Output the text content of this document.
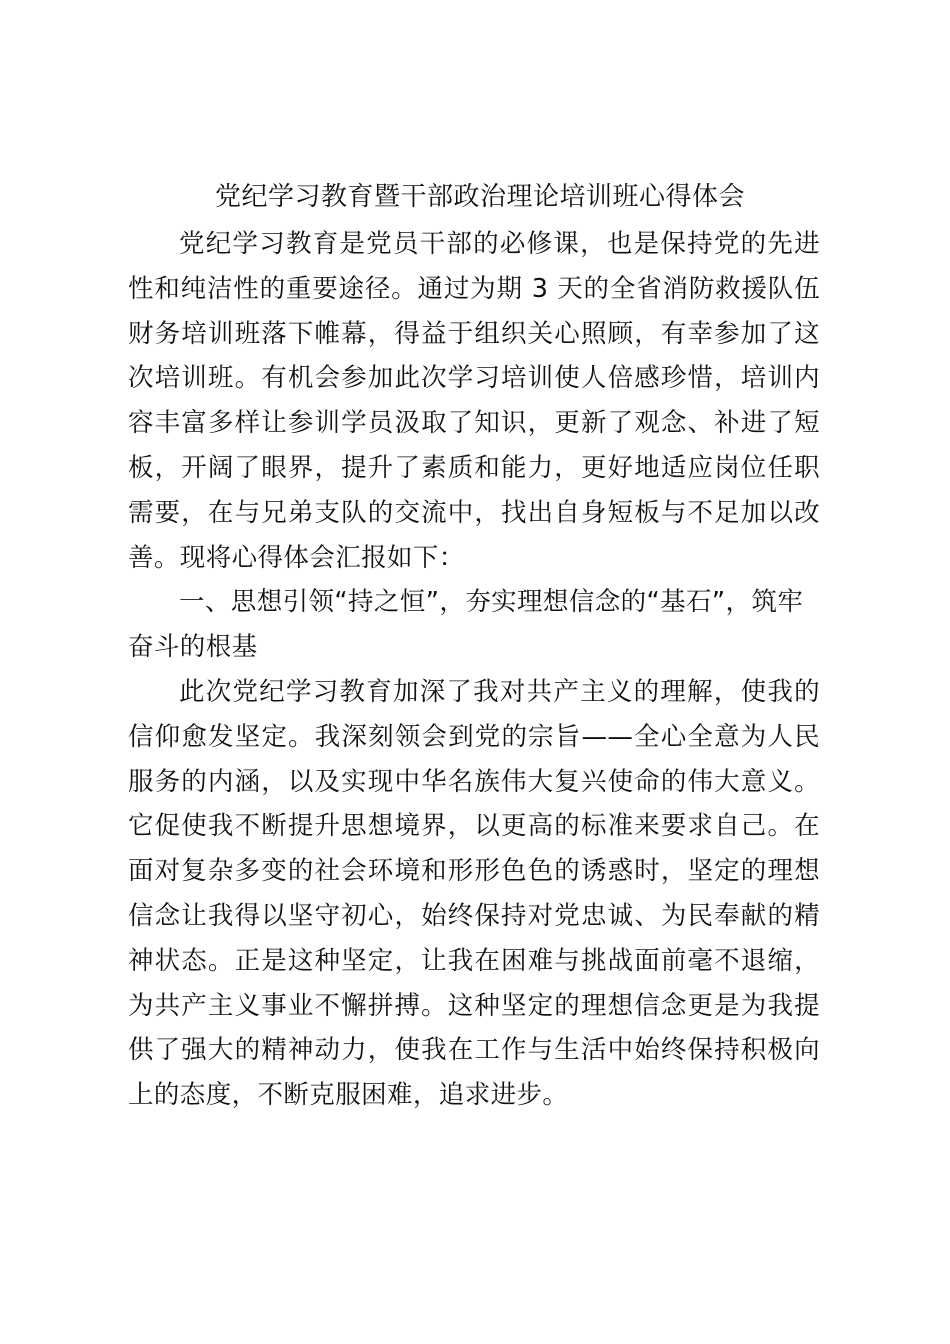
党纪学习教育暨干部政治理论培训班心得体会

党纪学习教育是党员干部的必修课，也是保持党的先进性和纯洁性的重要途径。通过为期 3 天的全省消防救援队伍财务培训班落下帷幕，得益于组织关心照顾，有幸参加了这次培训班。有机会参加此次学习培训使人倍感珍惜，培训内容丰富多样让参训学员汲取了知识，更新了观念、补进了短板，开阔了眼界，提升了素质和能力，更好地适应岗位任职需要，在与兄弟支队的交流中，找出自身短板与不足加以改善。现将心得体会汇报如下：

一、思想引领“持之恒”，夯实理想信念的“基石”，筑牢奋斗的根基

此次党纪学习教育加深了我对共产主义的理解，使我的信仰愈发坚定。我深刻领会到党的宗旨——全心全意为人民服务的内涵，以及实现中华名族伟大复兴使命的伟大意义。它促使我不断提升思想境界，以更高的标准来要求自己。在面对复杂多变的社会环境和形形色色的诱惑时，坚定的理想信念让我得以坚守初心，始终保持对党忠诚、为民奉献的精神状态。正是这种坚定，让我在困难与挑战面前毫不退缩，为共产主义事业不懈拼搏。这种坚定的理想信念更是为我提供了强大的精神动力，使我在工作与生活中始终保持积极向上的态度，不断克服困难，追求进步。
